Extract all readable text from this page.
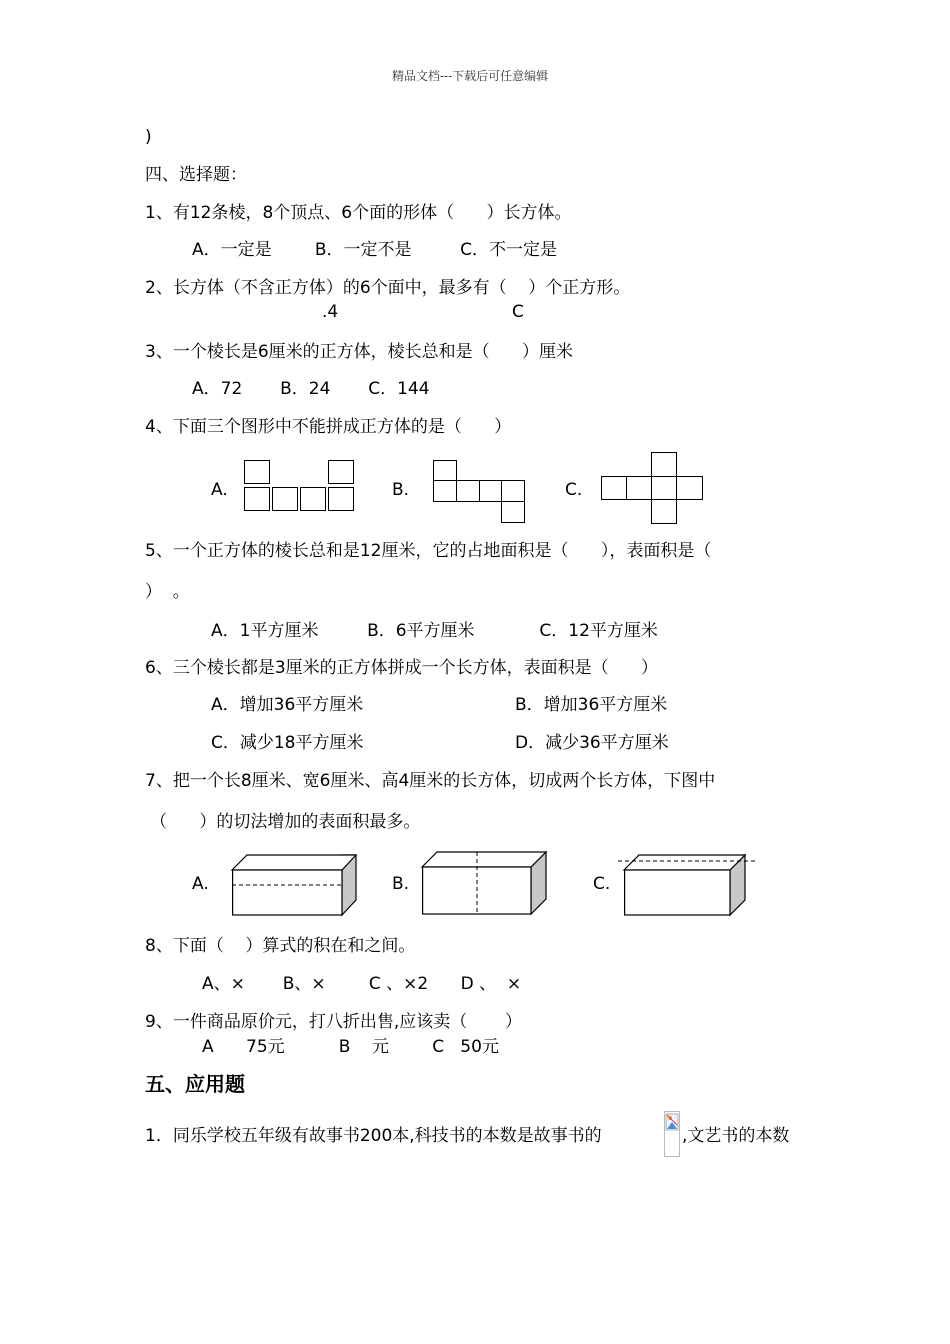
精品文档---下载后可任意编辑
)
四、选择题：
1、有12条棱，8个顶点、6个面的形体（      ）长方体。
A．一定是        B．一定不是         C．不一定是
2、长方体（不含正方体）的6个面中，最多有（    ）个正方形。
.4	C
3、一个棱长是6厘米的正方体，棱长总和是（      ）厘米
A．72       B．24       C．144
4、下面三个图形中不能拼成正方体的是（      ）
A.	B.	C.
5、一个正方体的棱长总和是12厘米，它的占地面积是（      ），表面积是（
）  。
A．1平方厘米         B．6平方厘米            C．12平方厘米
6、三个棱长都是3厘米的正方体拼成一个长方体，表面积是（      ）
A．增加36平方厘米	B．增加36平方厘米
C．减少18平方厘米	D．减少36平方厘米
7、把一个长8厘米、宽6厘米、高4厘米的长方体，切成两个长方体，下图中
（      ）的切法增加的表面积最多。
A.	B.	C.
8、下面（    ）算式的积在和之间。
A、×       B、×        C 、×2      D 、  ×
9、一件商品原价元，打八折出售,应该卖（       ）
A      75元          B    元        C   50元
五、应用题
1．同乐学校五年级有故事书200本,科技书的本数是故事书的	,文艺书的本数
